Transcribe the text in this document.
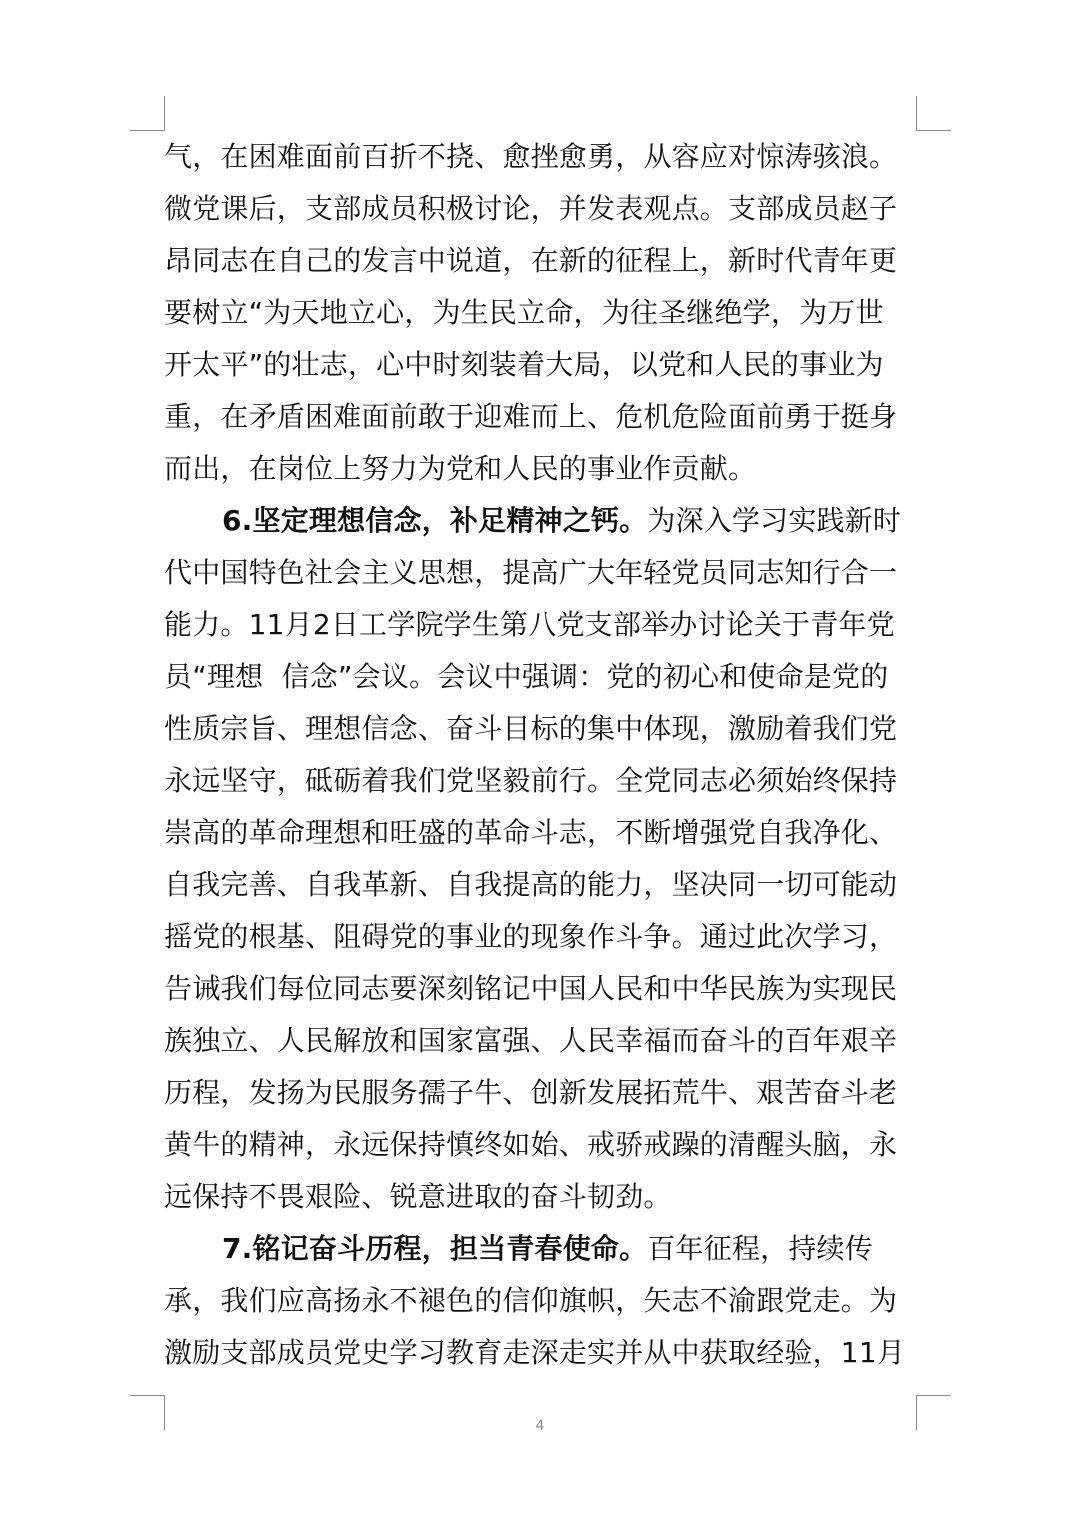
气，在困难面前百折不挠、愈挫愈勇，从容应对惊涛骇浪。
微党课后，支部成员积极讨论，并发表观点。支部成员赵子
昂同志在自己的发言中说道，在新的征程上，新时代青年更
要树立“为天地立心，为生民立命，为往圣继绝学，为万世
开太平”的壮志，心中时刻装着大局，以党和人民的事业为
重，在矛盾困难面前敢于迎难而上、危机危险面前勇于挺身
而出，在岗位上努力为党和人民的事业作贡献。
6.坚定理想信念，补足精神之钙。为深入学习实践新时
代中国特色社会主义思想，提高广大年轻党员同志知行合一
能力。11月2日工学院学生第八党支部举办讨论关于青年党
员“理想  信念”会议。会议中强调：党的初心和使命是党的
性质宗旨、理想信念、奋斗目标的集中体现，激励着我们党
永远坚守，砥砺着我们党坚毅前行。全党同志必须始终保持
崇高的革命理想和旺盛的革命斗志，不断增强党自我净化、
自我完善、自我革新、自我提高的能力，坚决同一切可能动
摇党的根基、阻碍党的事业的现象作斗争。通过此次学习，
告诫我们每位同志要深刻铭记中国人民和中华民族为实现民
族独立、人民解放和国家富强、人民幸福而奋斗的百年艰辛
历程，发扬为民服务孺子牛、创新发展拓荒牛、艰苦奋斗老
黄牛的精神，永远保持慎终如始、戒骄戒躁的清醒头脑，永
远保持不畏艰险、锐意进取的奋斗韧劲。
7.铭记奋斗历程，担当青春使命。百年征程，持续传
承，我们应高扬永不褪色的信仰旗帜，矢志不渝跟党走。为
激励支部成员党史学习教育走深走实并从中获取经验，11月
4
